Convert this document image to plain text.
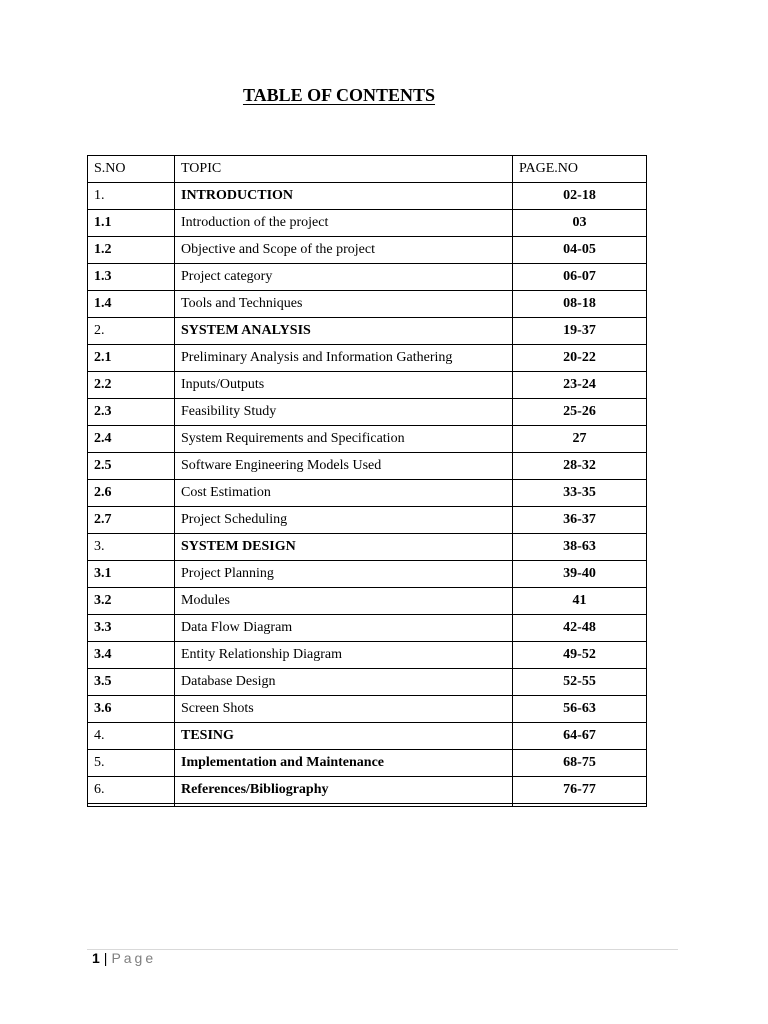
TABLE OF CONTENTS
S.NO	TOPIC	PAGE.NO
1.	INTRODUCTION	02-18
1.1	Introduction of the project	03
1.2	Objective and Scope of the project	04-05
1.3	Project category	06-07
1.4	Tools and Techniques	08-18
2.	SYSTEM ANALYSIS	19-37
2.1	Preliminary Analysis and Information Gathering	20-22
2.2	Inputs/Outputs	23-24
2.3	Feasibility Study	25-26
2.4	System Requirements and Specification	27
2.5	Software Engineering Models Used	28-32
2.6	Cost Estimation	33-35
2.7	Project Scheduling	36-37
3.	SYSTEM DESIGN	38-63
3.1	Project Planning	39-40
3.2	Modules	41
3.3	Data Flow Diagram	42-48
3.4	Entity Relationship Diagram	49-52
3.5	Database Design	52-55
3.6	Screen Shots	56-63
4.	TESING	64-67
5.	Implementation and Maintenance	68-75
6.	References/Bibliography	76-77

1 | Page
